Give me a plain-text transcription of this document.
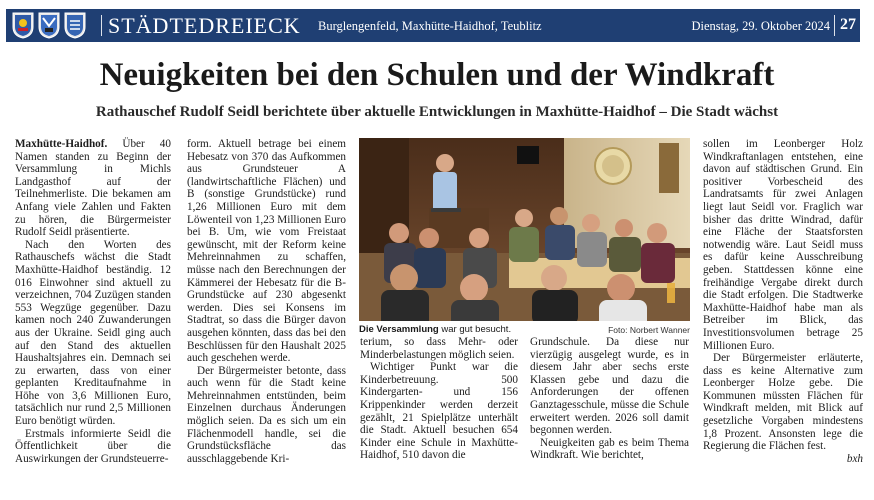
STÄDTEDREIECK Burglengenfeld, Maxhütte-Haidhof, Teublitz	Dienstag, 29. Oktober 2024 27
Neuigkeiten bei den Schulen und der Windkraft
Rathauschef Rudolf Seidl berichtete über aktuelle Entwicklungen in Maxhütte-Haidhof – Die Stadt wächst

Maxhütte-Haidhof. Über 40 Namen standen zu Beginn der Versammlung in Michls Landgasthof auf der Teilnehmerliste. Die bekamen am Anfang viele Zahlen und Fakten zu hören, die Bürgermeister Rudolf Seidl präsentierte.

Nach den Worten des Rathauschefs wächst die Stadt Maxhütte-Haidhof beständig. 12 016 Einwohner sind aktuell zu verzeichnen, 704 Zuzügen standen 553 Wegzüge gegenüber. Dazu kamen noch 240 Zuwanderungen aus der Ukraine. Seidl ging auch auf den Stand des aktuellen Haushaltsjahres ein. Demnach sei zu erwarten, dass von einer geplanten Kreditaufnahme in Höhe von 3,6 Millionen Euro, tatsächlich nur rund 2,5 Millionen Euro benötigt würden.

Erstmals informierte Seidl die Öffentlichkeit über die Auswirkungen der Grundsteuerre-

form. Aktuell betrage bei einem Hebesatz von 370 das Aufkommen aus Grundsteuer A (landwirtschaftliche Flächen) und B (sonstige Grundstücke) rund 1,26 Millionen Euro mit dem Löwenteil von 1,23 Millionen Euro bei B. Um, wie vom Freistaat gewünscht, mit der Reform keine Mehreinnahmen zu schaffen, müsse nach den Berechnungen der Kämmerei der Hebesatz für die B-Grundstücke auf 230 abgesenkt werden. Dies sei Konsens im Stadtrat, so dass die Bürger davon ausgehen könnten, dass das bei den Beschlüssen für den Haushalt 2025 auch geschehen werde.

Der Bürgermeister betonte, dass auch wenn für die Stadt keine Mehreinnahmen entstünden, beim Einzelnen durchaus Änderungen möglich seien. Da es sich um ein Flächenmodell handle, sei die Grundstücksfläche das ausschlaggebende Kri-

Die Versammlung war gut besucht.	Foto: Norbert Wanner

terium, so dass Mehr- oder Minderbelastungen möglich seien.

Wichtiger Punkt war die Kinderbetreuung. 500 Kindergarten- und 156 Krippenkinder werden derzeit gezählt, 21 Spielplätze unterhält die Stadt. Aktuell besuchen 654 Kinder eine Schule in Maxhütte-Haidhof, 510 davon die

Grundschule. Da diese nur vierzügig ausgelegt wurde, es in diesem Jahr aber sechs erste Klassen gebe und dazu die Anforderungen der offenen Ganztagesschule, müsse die Schule erweitert werden. 2026 soll damit begonnen werden.

Neuigkeiten gab es beim Thema Windkraft. Wie berichtet,

sollen im Leonberger Holz Windkraftanlagen entstehen, eine davon auf städtischen Grund. Ein positiver Vorbescheid des Landratsamts für zwei Anlagen liegt laut Seidl vor. Fraglich war bisher das dritte Windrad, dafür eine Fläche der Staatsforsten notwendig wäre. Laut Seidl muss es dafür keine Ausschreibung geben. Stattdessen könne eine freihändige Vergabe direkt durch die Stadt erfolgen. Die Stadtwerke Maxhütte-Haidhof habe man als Betreiber im Blick, das Investitionsvolumen betrage 25 Millionen Euro.

Der Bürgermeister erläuterte, dass es keine Alternative zum Leonberger Holze gebe. Die Kommunen müssten Flächen für Windkraft melden, mit Blick auf gesetzliche Vorgaben mindestens 1,8 Prozent. Ansonsten lege die Regierung die Flächen fest.

bxh
